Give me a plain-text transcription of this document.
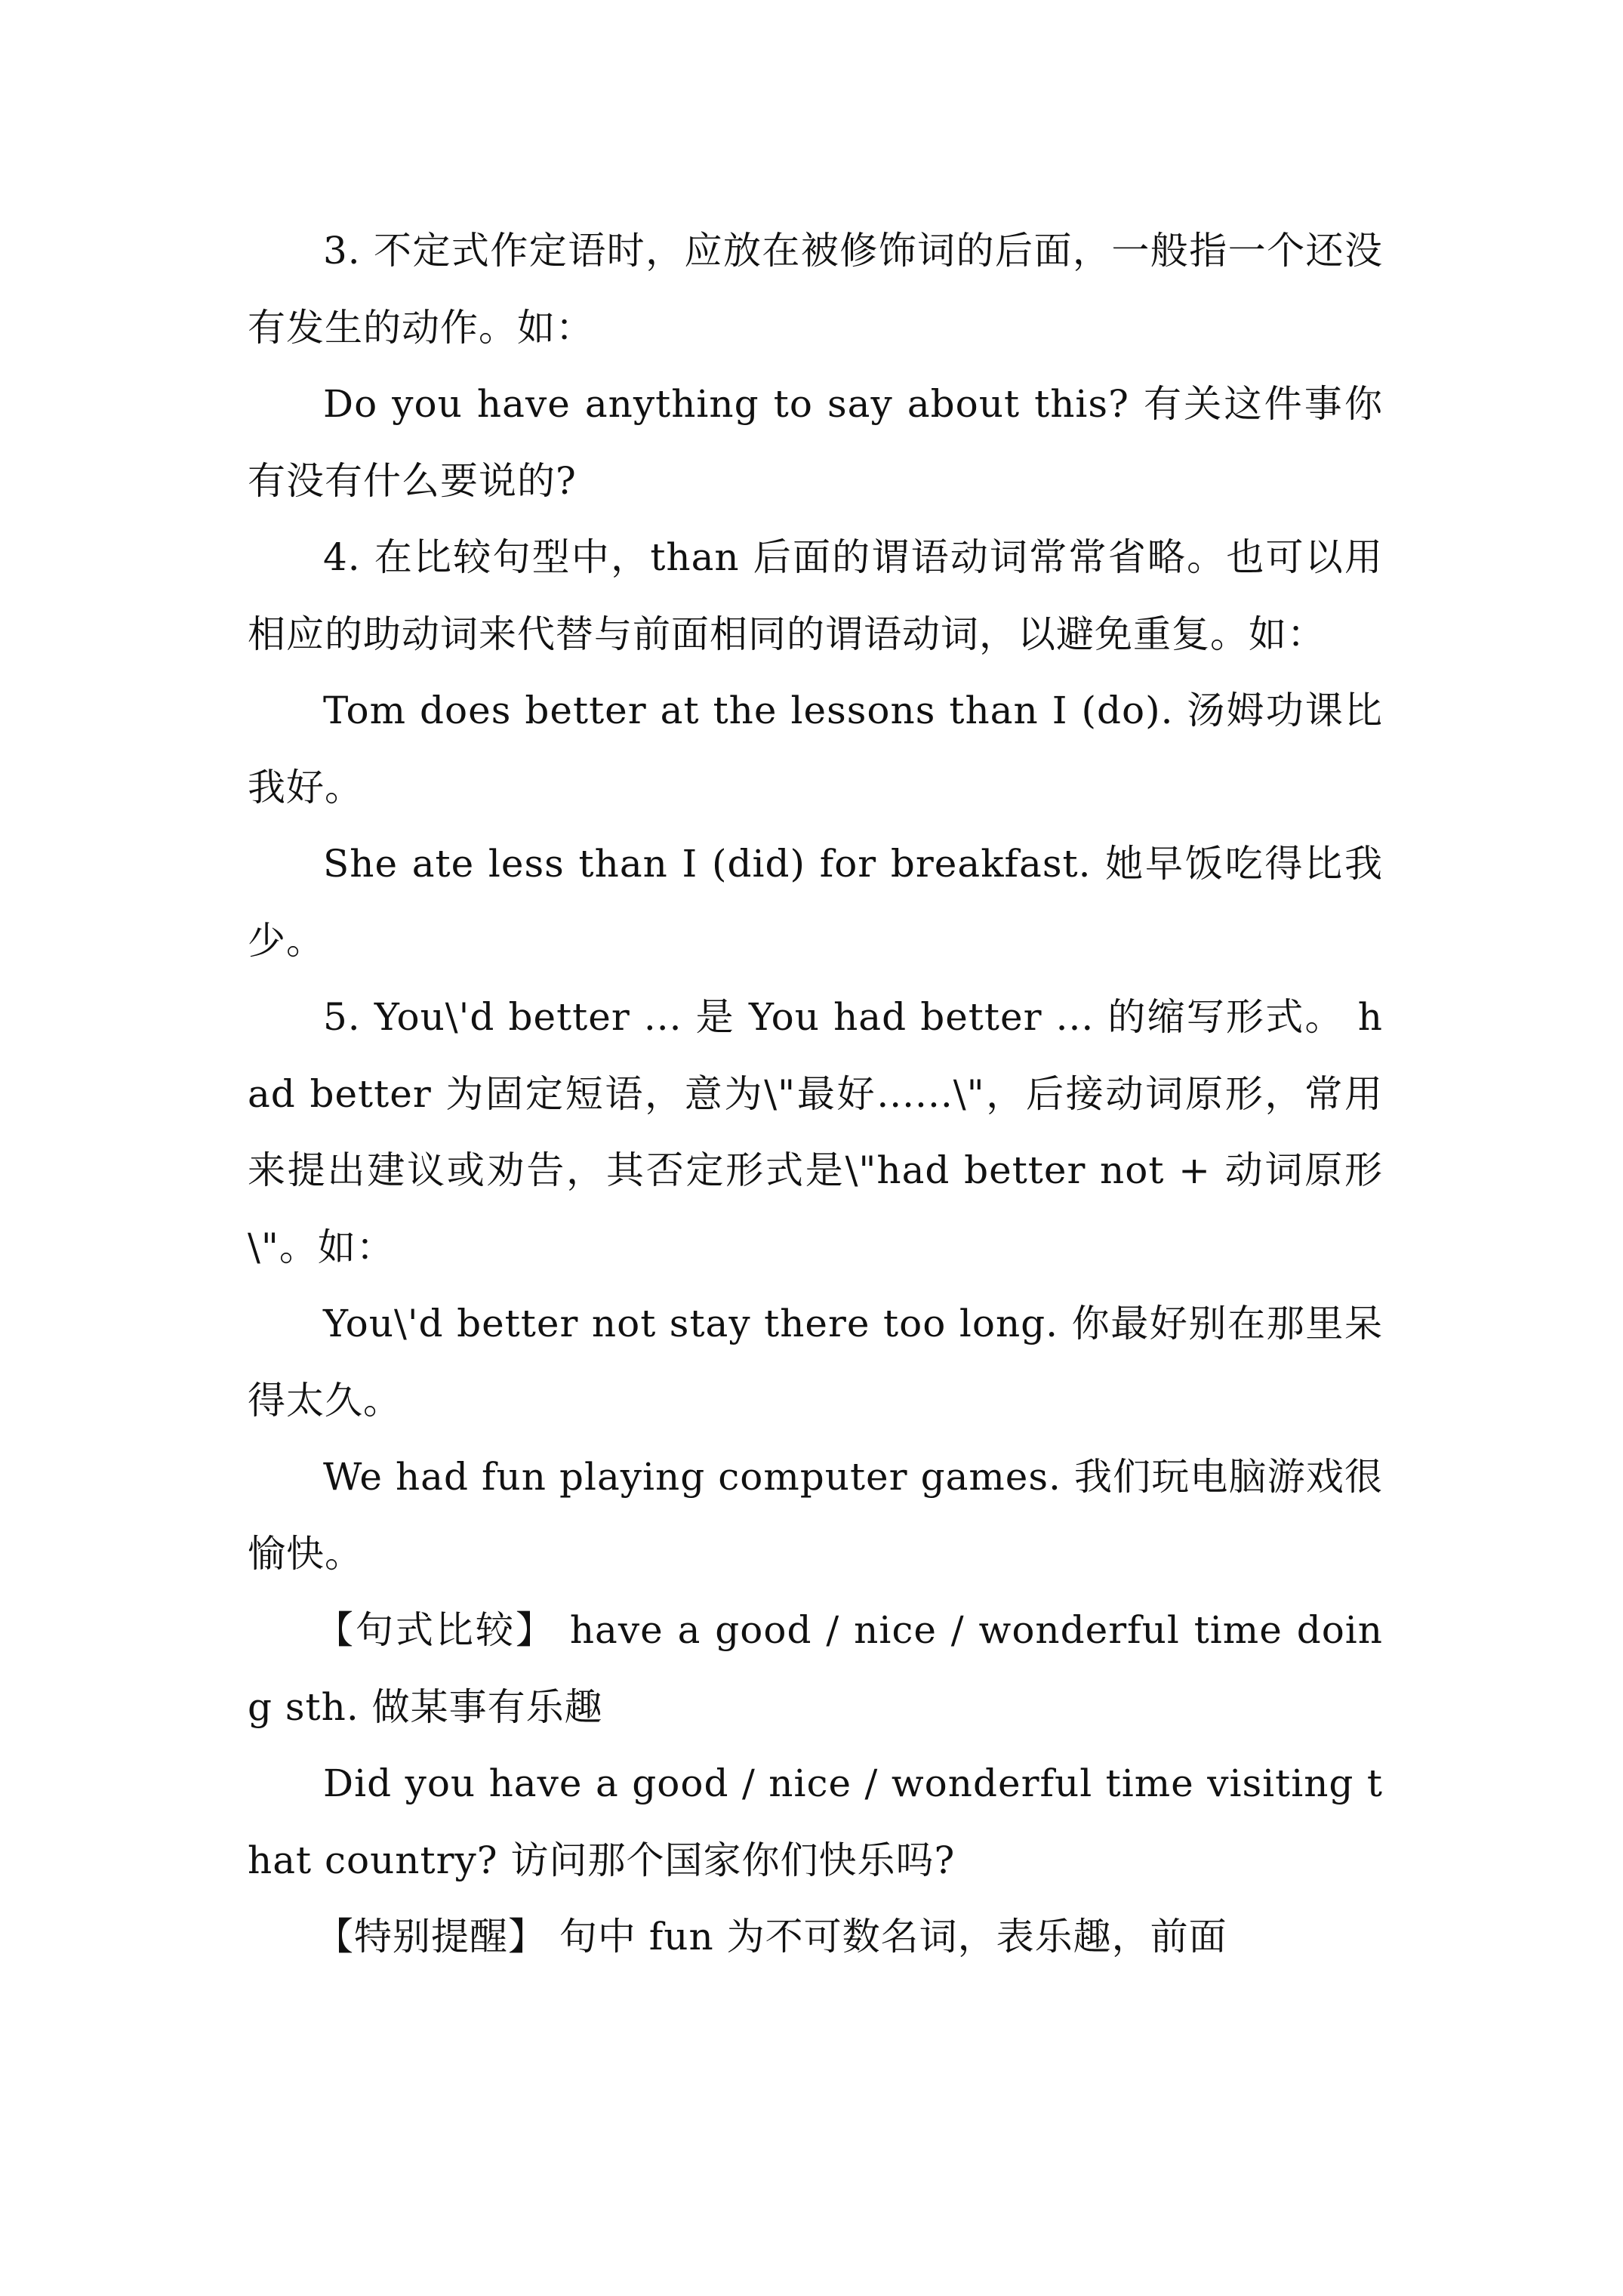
3. 不定式作定语时，应放在被修饰词的后面，一般指一个还没有发生的动作。如：

Do you have anything to say about this? 有关这件事你有没有什么要说的?

4. 在比较句型中，than 后面的谓语动词常常省略。也可以用相应的助动词来代替与前面相同的谓语动词，以避免重复。如：

Tom does better at the lessons than I (do). 汤姆功课比我好。

She ate less than I (did) for breakfast. 她早饭吃得比我少。

5. You\'d better ... 是 You had better ... 的缩写形式。 had better 为固定短语，意为\"最好......\"，后接动词原形，常用来提出建议或劝告，其否定形式是\"had better not + 动词原形\"。如：

You\'d better not stay there too long. 你最好别在那里呆得太久。

We had fun playing computer games. 我们玩电脑游戏很愉快。

【句式比较】 have a good / nice / wonderful time doing sth. 做某事有乐趣

Did you have a good / nice / wonderful time visiting that country? 访问那个国家你们快乐吗?

【特别提醒】 句中 fun 为不可数名词，表乐趣，前面
